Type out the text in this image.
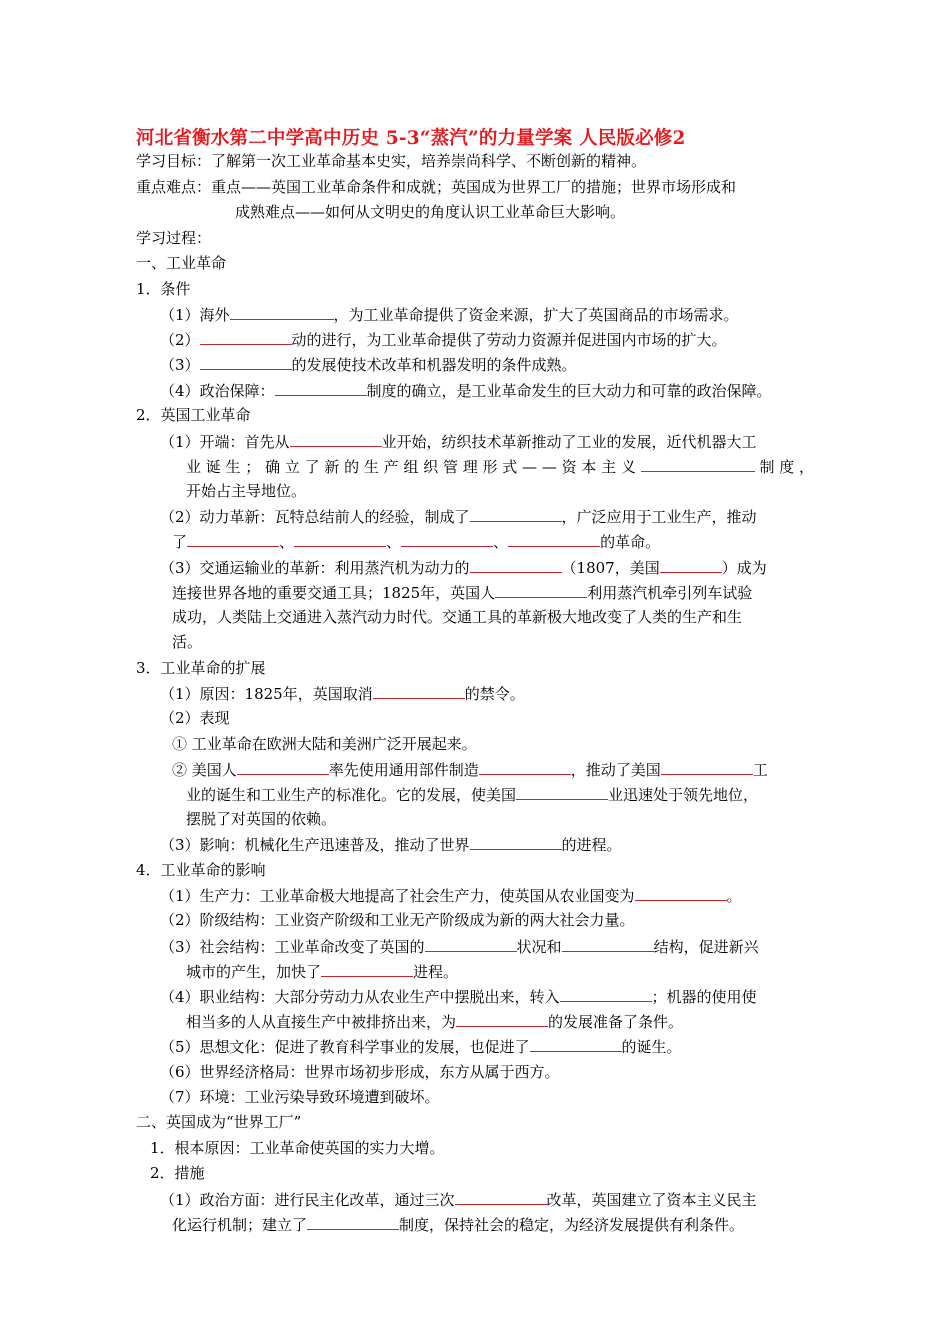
河北省衡水第二中学高中历史 5-3“蒸汽”的力量学案 人民版必修2
学习目标：了解第一次工业革命基本史实，培养崇尚科学、不断创新的精神。
重点难点：重点——英国工业革命条件和成就；英国成为世界工厂的措施；世界市场形成和
成熟难点——如何从文明史的角度认识工业革命巨大影响。
学习过程：
一、工业革命
1．条件
（1）海外	，为工业革命提供了资金来源，扩大了英国商品的市场需求。
（2）	动的进行，为工业革命提供了劳动力资源并促进国内市场的扩大。
（3）	的发展使技术改革和机器发明的条件成熟。
（4）政治保障：	制度的确立，是工业革命发生的巨大动力和可靠的政治保障。
2．英国工业革命
（1）开端：首先从	业开始，纺织技术革新推动了工业的发展，近代机器大工
业 诞 生 ； 确 立 了 新 的 生 产 组 织 管 理 形 式 — — 资 本 主 义	制 度 ，
开始占主导地位。
（2）动力革新：瓦特总结前人的经验，制成了	，广泛应用于工业生产，推动
了	、	、	、	的革命。
（3）交通运输业的革新：利用蒸汽机为动力的	（1807，美国	）成为
连接世界各地的重要交通工具；1825年，英国人	利用蒸汽机牵引列车试验
成功，人类陆上交通进入蒸汽动力时代。交通工具的革新极大地改变了人类的生产和生
活。
3．工业革命的扩展
（1）原因：1825年，英国取消	的禁令。
（2）表现
① 工业革命在欧洲大陆和美洲广泛开展起来。
② 美国人	率先使用通用部件制造	，推动了美国	工
业的诞生和工业生产的标准化。它的发展，使美国	业迅速处于领先地位，
摆脱了对英国的依赖。
（3）影响：机械化生产迅速普及，推动了世界	的进程。
4．工业革命的影响
（1）生产力：工业革命极大地提高了社会生产力，使英国从农业国变为	。
（2）阶级结构：工业资产阶级和工业无产阶级成为新的两大社会力量。
（3）社会结构：工业革命改变了英国的	状况和	结构，促进新兴
城市的产生，加快了	进程。
（4）职业结构：大部分劳动力从农业生产中摆脱出来，转入	；机器的使用使
相当多的人从直接生产中被排挤出来，为	的发展准备了条件。
（5）思想文化：促进了教育科学事业的发展，也促进了	的诞生。
（6）世界经济格局：世界市场初步形成，东方从属于西方。
（7）环境：工业污染导致环境遭到破坏。
二、英国成为“世界工厂”
1．根本原因：工业革命使英国的实力大增。
2．措施
（1）政治方面：进行民主化改革，通过三次	改革，英国建立了资本主义民主
化运行机制；建立了	制度，保持社会的稳定，为经济发展提供有利条件。
